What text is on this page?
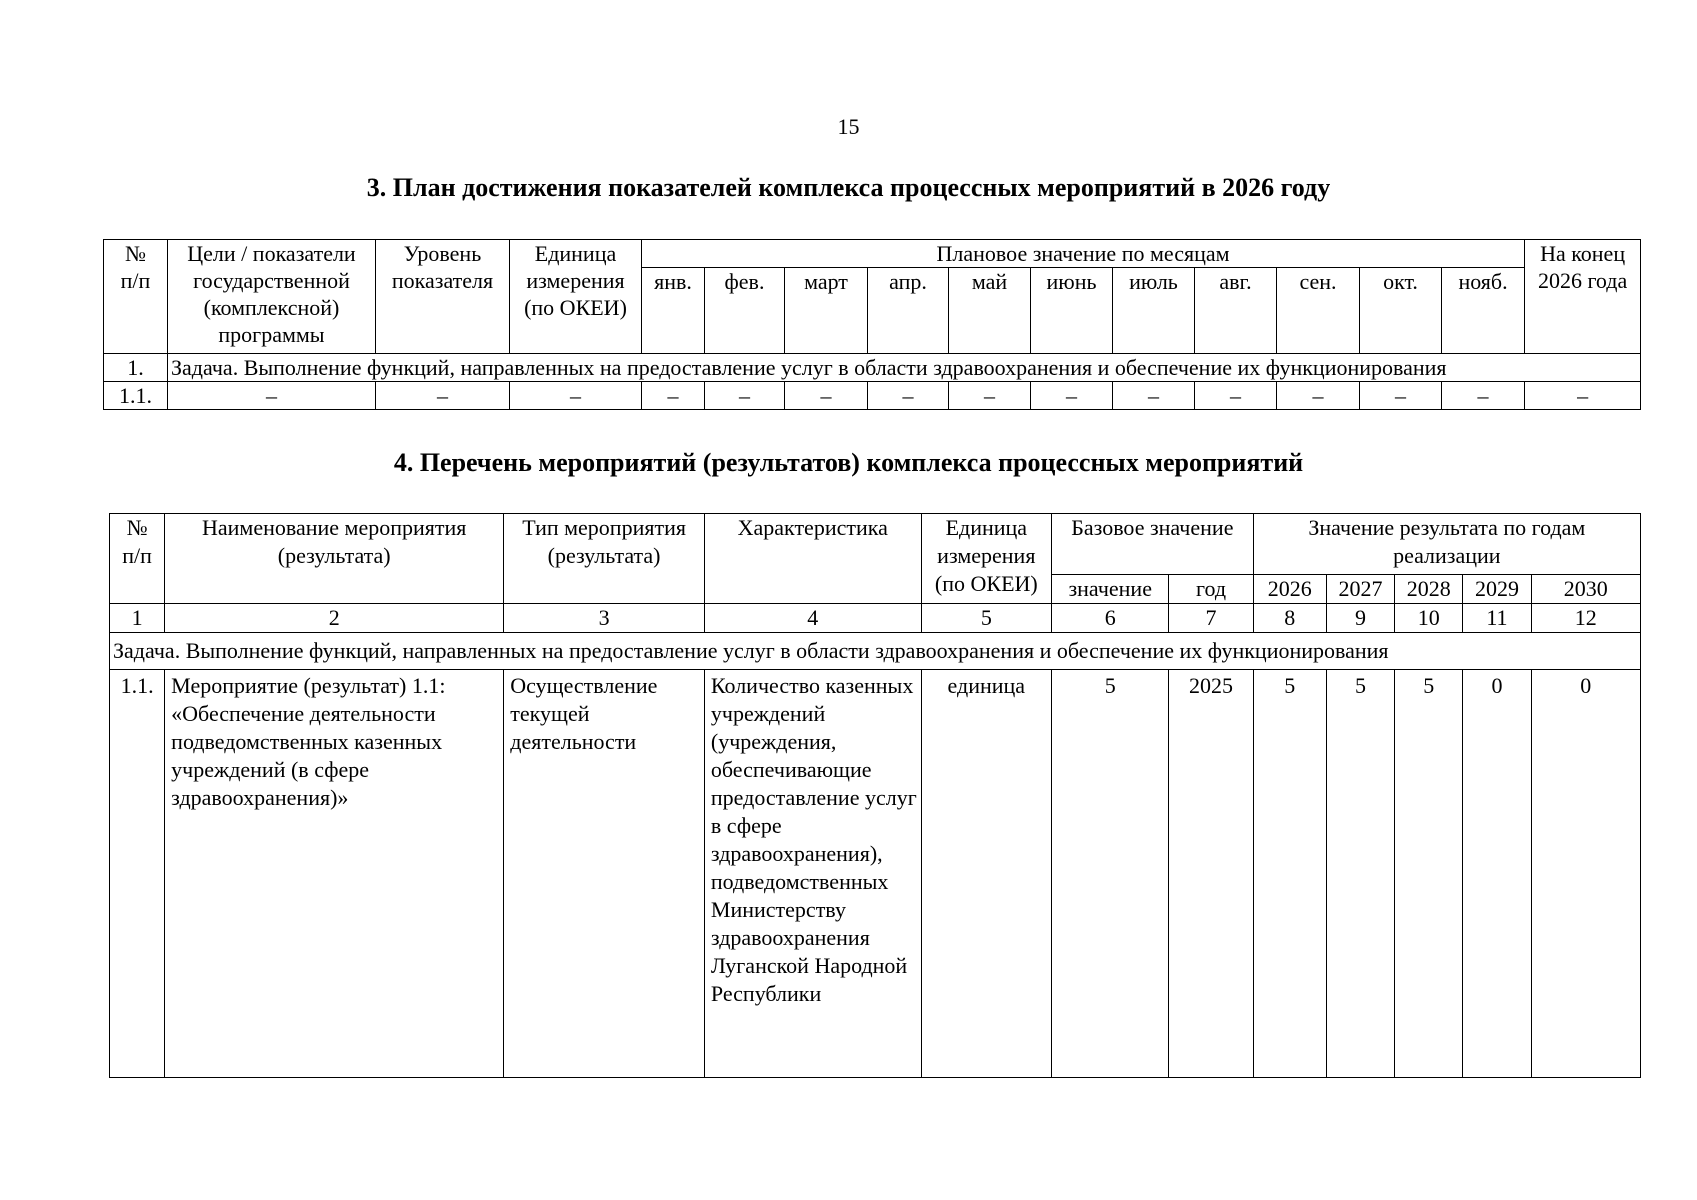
15
3. План достижения показателей комплекса процессных мероприятий в 2026 году
№
п/п	Цели / показатели государственной (комплексной) программы	Уровень показателя	Единица измерения (по ОКЕИ)	Плановое значение по месяцам											На конец 2026 года
				янв.	фев.	март	апр.	май	июнь	июль	авг.	сен.	окт.	нояб.	
1.	Задача. Выполнение функций, направленных на предоставление услуг в области здравоохранения и обеспечение их функционирования														
1.1.	–	–	–	–	–	–	–	–	–	–	–	–	–	–	–
4. Перечень мероприятий (результатов) комплекса процессных мероприятий
№
п/п	Наименование мероприятия (результата)	Тип мероприятия (результата)	Характеристика	Единица измерения (по ОКЕИ)	Базовое значение		Значение результата по годам реализации				
					значение	год	2026	2027	2028	2029	2030
1	2	3	4	5	6	7	8	9	10	11	12
Задача. Выполнение функций, направленных на предоставление услуг в области здравоохранения и обеспечение их функционирования											
1.1.	Мероприятие (результат) 1.1: «Обеспечение деятельности подведомственных казенных учреждений (в сфере здравоохранения)»	Осуществление текущей деятельности	Количество казенных учреждений (учреждения, обеспечивающие предоставление услуг в сфере здравоохранения), подведомственных Министерству здравоохранения Луганской Народной Республики	единица	5	2025	5	5	5	0	0
